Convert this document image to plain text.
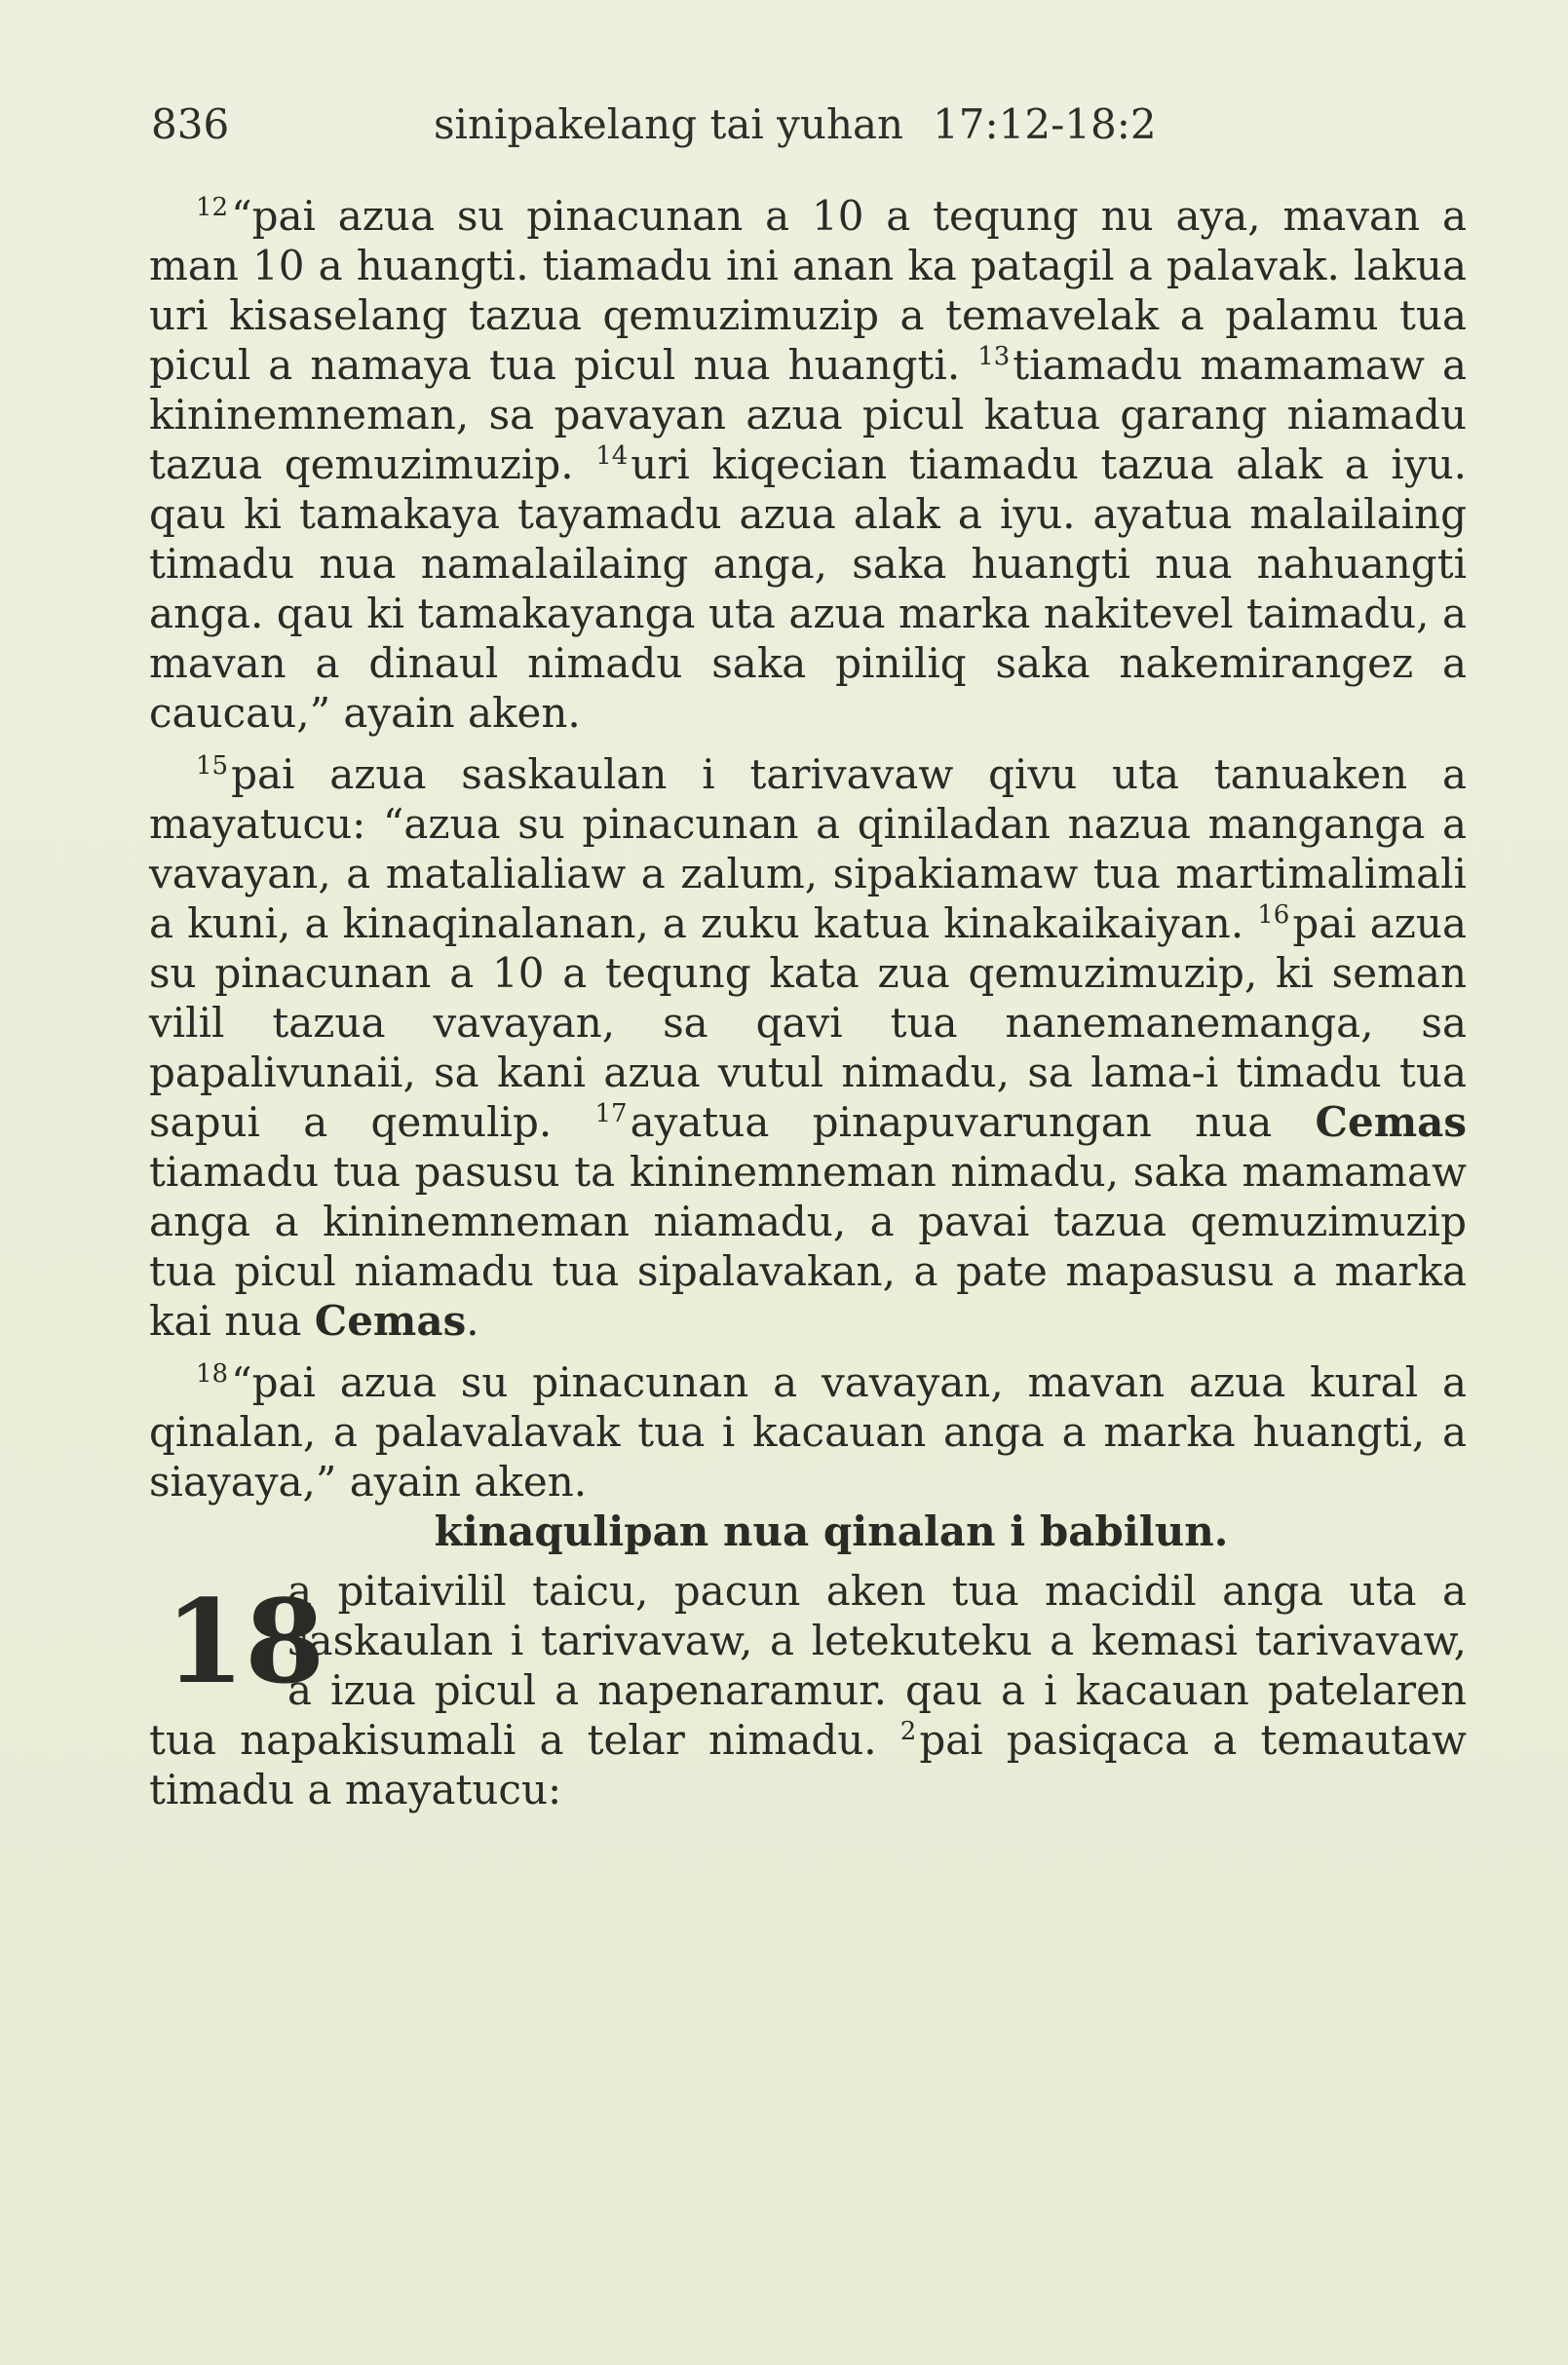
836	sinipakelang tai yuhan 17:12-18:2

$^{12}$“pai azua su pinacunan a 10 a tequng nu aya, mavan a man 10 a huangti. tiamadu ini anan ka patagil a palavak. lakua uri kisaselang tazua qemuzimuzip a temavelak a palamu tua picul a namaya tua picul nua huangti. $^{13}$tiamadu mamamaw a kininemneman, sa pavayan azua picul katua garang niamadu tazua qemuzimuzip. $^{14}$uri kiqecian tiamadu tazua alak a iyu. qau ki tamakaya tayamadu azua alak a iyu. ayatua malailaing timadu nua namalailaing anga, saka huangti nua nahuangti anga. qau ki tamakayanga uta azua marka nakitevel taimadu, a mavan a dinaul nimadu saka piniliq saka nakemirangez a caucau,” ayain aken.

$^{15}$pai azua saskaulan i tarivavaw qivu uta tanuaken a mayatucu: “azua su pinacunan a qiniladan nazua manganga a vavayan, a matalialiaw a zalum, sipakiamaw tua martimalimali a kuni, a kinaqinalanan, a zuku katua kinakaikaiyan. $^{16}$pai azua su pinacunan a 10 a tequng kata zua qemuzimuzip, ki seman vilil tazua vavayan, sa qavi tua nanemanemanga, sa papalivunaii, sa kani azua vutul nimadu, sa lama-i timadu tua sapui a qemulip. $^{17}$ayatua pinapuvarungan nua Cemas tiamadu tua pasusu ta kininemneman nimadu, saka mamamaw anga a kininemneman niamadu, a pavai tazua qemuzimuzip tua picul niamadu tua sipalavakan, a pate mapasusu a marka kai nua Cemas.

$^{18}$“pai azua su pinacunan a vavayan, mavan azua kural a qinalan, a palavalavak tua i kacauan anga a marka huangti, a siayaya,” ayain aken.

kinaqulipan nua qinalan i babilun.

18

a pitaivilil taicu, pacun aken tua macidil anga uta a saskaulan i tarivavaw, a letekuteku a kemasi tarivavaw, a izua picul a napenaramur. qau a i kacauan patelaren tua napakisumali a telar nimadu. $^2$pai pasiqaca a temautaw timadu a mayatucu:
